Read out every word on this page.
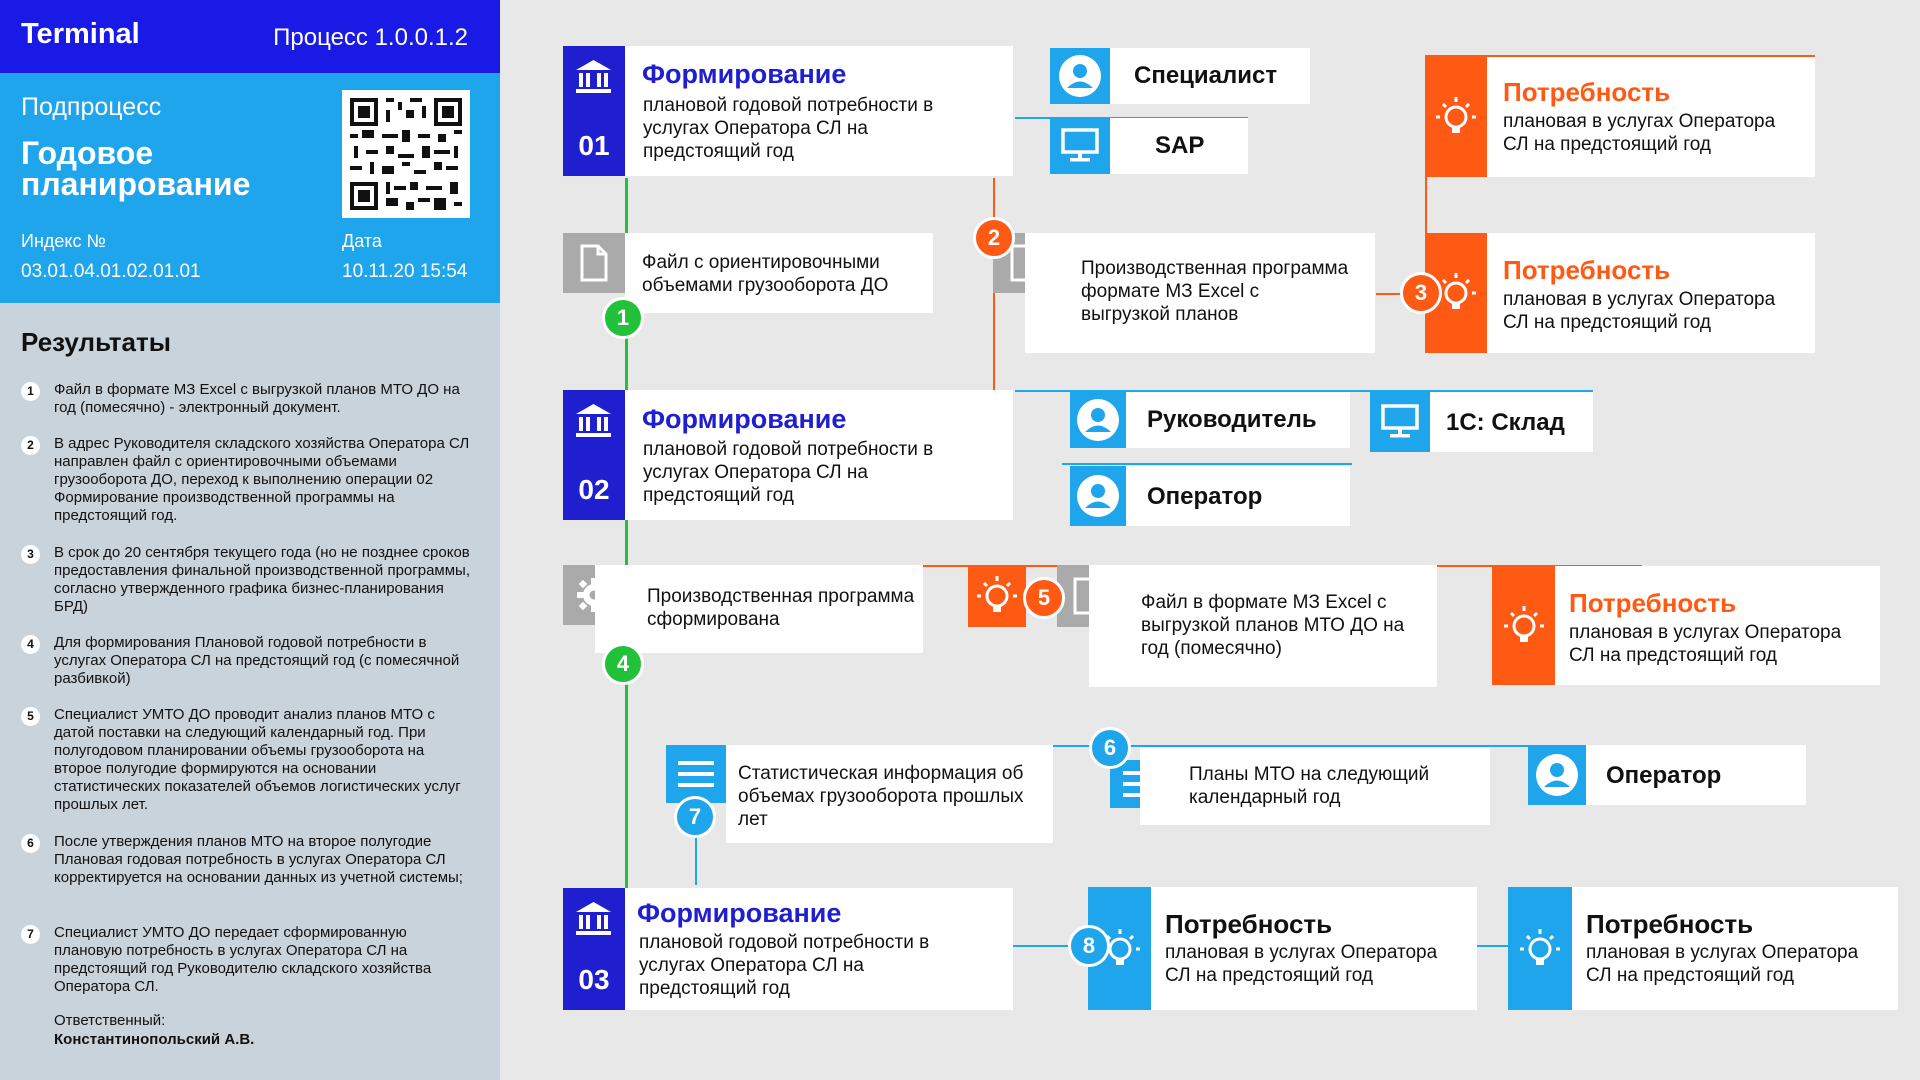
Terminal	Процесс 1.0.0.1.2
Подпроцесс
Годовое планирование
Индекс №
03.01.04.01.02.01.01
Дата
10.11.20 15:54
Результаты
1	Файл в формате МЗ Excel с выгрузкой планов МТО ДО на год (помесячно) - электронный документ.
2	В адрес Руководителя складского хозяйства Оператора СЛ направлен файл с ориентировочными объемами грузооборота ДО, переход к выполнению операции 02 Формирование производственной программы на предстоящий год.
3	В срок до 20 сентября текущего года (но не позднее сроков предоставления финальной производственной программы, согласно утвержденного графика бизнес-планирования БРД)
4	Для формирования Плановой годовой потребности в услугах Оператора СЛ на предстоящий год (с помесячной разбивкой)
5	Специалист УМТО ДО проводит анализ планов МТО с датой поставки на следующий календарный год. При полугодовом планировании объемы грузооборота на второе полугодие формируются на основании статистических показателей объемов логистических услуг прошлых лет.
6	После утверждения планов МТО на второе полугодие Плановая годовая потребность в услугах Оператора СЛ корректируется на основании данных из учетной системы;
7	Специалист УМТО ДО передает сформированную плановую потребность в услугах Оператора СЛ на предстоящий год Руководителю складского хозяйства Оператора СЛ.
Ответственный:
Константинопольский А.В.
01
Формирование
плановой годовой потребности в услугах Оператора СЛ на предстоящий год
Специалист
SAP
Потребность
плановая в услугах Оператора СЛ на предстоящий год
Потребность
плановая в услугах Оператора СЛ на предстоящий год
Файл с ориентировочными объемами грузооборота ДО
Производственная программа формате МЗ Excel с выгрузкой планов
02
Формирование
плановой годовой потребности в услугах Оператора СЛ на предстоящий год
Руководитель
Оператор
1С: Склад
Производственная программа сформирована
Файл в формате МЗ Excel с выгрузкой планов МТО ДО на год (помесячно)
Потребность
плановая в услугах Оператора СЛ на предстоящий год
Статистическая информация об объемах грузооборота прошлых лет
Планы МТО на следующий календарный год
Оператор
03
Формирование
плановой годовой потребности в услугах Оператора СЛ на предстоящий год
Потребность
плановая в услугах Оператора СЛ на предстоящий год
Потребность
плановая в услугах Оператора СЛ на предстоящий год
1
2
3
4
5
6
7
8
